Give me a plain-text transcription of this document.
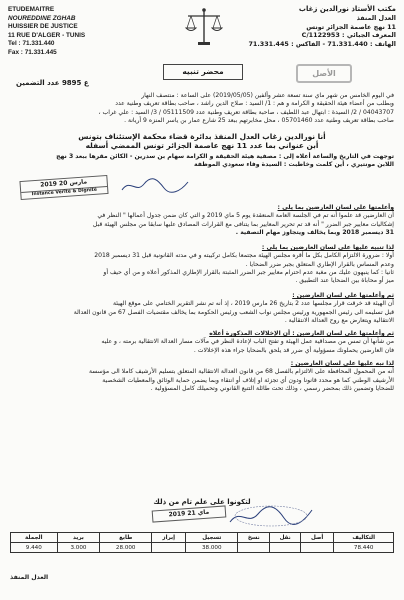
ETUDEMAITRE
NOUREDDINE ZGHAB
HUISSIER DE JUSTICE
11 RUE D'ALGER - TUNIS
Tel : 71.331.440
Fax : 71.331.445
مكتب الأستاذ نورالدين زغاب
العدل المنفذ
11 نهج عاصمة الجزائر تونس
المعرف الجبائي : 1122953/C
الهاتف : 71.331.440 - الفاكس : 71.331.445
محضر تنبيه	الأصل
ع 9895 عدد التضمين

في اليوم الخامس من شهر ماي سنة تسعة عشر وألفين (2019/05/05) على الساعة : منتصف النهار

وبطلب من أعضاء هيئة الحقيقة و الكرامة و هم : 1/ السيد : صلاح الدين راشد ، صاحب بطاقة تعريف وطنية عدد

04043707 / 2/ السيدة : ابتهال عبد اللطيف ، صاحبة بطاقة تعريف وطنية عدد 05111509 / 3/ السيد : علي غراب ،

صاحب بطاقة تعريف وطنية عدد 05701460 ، محل مخابرتهم ببعد 25 شارع عمار بن ياسر المنزه 9 أريانة .

أنا نورالدين زغاب العدل المنفذ بدائرة قضاء محكمة الإستئناف بتونس
أبن عنواني بما عدد 11 نهج عاصمة الجزائر تونس الممضي أسفله

توجهت في التاريخ والساعة أعلاه إلى : مصفية هيئة الحقيقة و الكرامة سهام بن سدرين - الكائن مقرها ببعد 3 نهج

اللابن مونتيري ، أين كلمت وخاطبت : السيدة وفاء سعودي الموظفة

2019 مارس 20
Instance Vérité & Dignité

وأعلمتها على لسان العارضين بما يلي :

أن العارضين قد علموا أنه تم في الجلسة العامة المنعقدة يوم 5 ماي 2019 و التي كان ضمن جدول أعمالها " النظر في

إشكاليات معايير جبر الضرر " أنه قد تم تحرير المعايير بما يتنافى مع القرارات المصادق عليها سابقا من مجلس الهيئة قبل

31 ديسمبر 2018 وبما يخالف ويتجاوز مهام التصفية .

لذا تنبيه عليها على لسان العارضين بما يلي :

أولا : ضرورة الالتزام الكامل بكل ما أقره مجلس الهيئة مجتمعا بكامل تركيبته و في مدته القانونية قبل 31 ديسمبر 2018

وعدم المساس بالقرار الإطاري المتعلق بجبر ضرر الضحايا .

ثانيا : كما ينبهون عليك من مغبة عدم احترام معايير جبر الضرر المثبتة بالقرار الإطاري المذكور أعلاه و من أي حيف أو

ميز أو محاباة بين الضحايا عند التطبيق .

ثم وأعلمتها على لسان العارضين :

أن الهيئة قد خرقت قرار مجلسها عدد 2 بتاريخ 26 مارس 2019 ، إذ أنه تم نشر التقرير الختامي على موقع الهيئة

قبل تسليمه الى رئيس الجمهورية ورئيس مجلس نواب الشعب ورئيس الحكومة بما يخالف مقتضيات الفصل 67 من قانون العدالة

الانتقالية ويتعارض مع روح العدالة الانتقالية .

ثم وأعلمتها على لسان العارضين : أن الإخلالات المذكورة أعلاه

من شأنها أن تمس من مصداقية عمل الهيئة و تفتح الباب لإعادة النظر في مآلات مسار العدالة الانتقالية برمته ، و عليه

فان العارضين يحملونك مسؤولية أي ضرر قد يلحق بالضحايا جراء هذه الإخلالات .

لذا نبه عليها على لسان العارضين :

أنه من المحمول المحافظة على الالتزام بالفصل 68 من قانون العدالة الانتقالية المتعلق بتسليم الأرشيف كاملا الى مؤسسة

الأرشيف الوطني كما هو محدد قانونا ودون أي تجزئة او إتلاف أو انتقاء وبما يضمن حماية الوثائق والمعطيات الشخصية

للضحايا وتضمين ذلك بمحضر رسمي ، وذلك تحت طائلة التتبع القانوني وتحميلك كامل المسؤولية .

لتكونوا على علم تام من ذلك
2019 ماي 21
التكاليف	أصل	نقل	نسخ	تسجيل	إبراز	طابع	بريد	الجملة
78.440				38.000		28.000	3.000	9.440
العدل المنفذ
